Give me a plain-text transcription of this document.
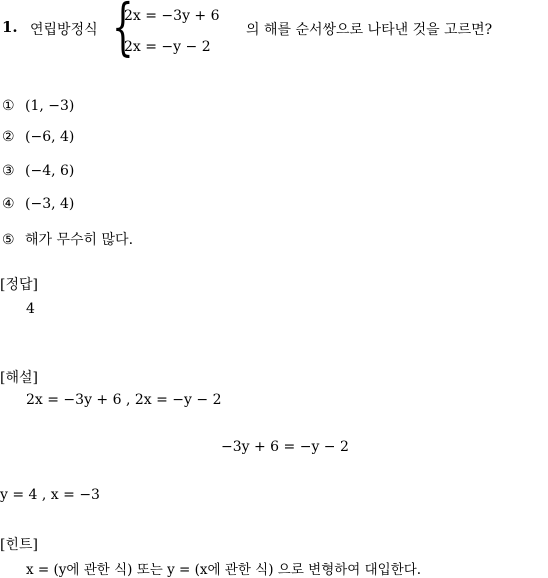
1. 연립방정식 {
2x = −3y + 6
2x = −y − 2
의 해를 순서쌍으로 나타낸 것을 고르면?
① (1, −3)
② (−6, 4)
③ (−4, 6)
④ (−3, 4)
⑤ 해가 무수히 많다.
[정답]
4
[해설]
2x = −3y + 6 , 2x = −y − 2
−3y + 6 = −y − 2
y = 4 , x = −3
[힌트]
x = (y에 관한 식) 또는 y = (x에 관한 식) 으로 변형하여 대입한다.
